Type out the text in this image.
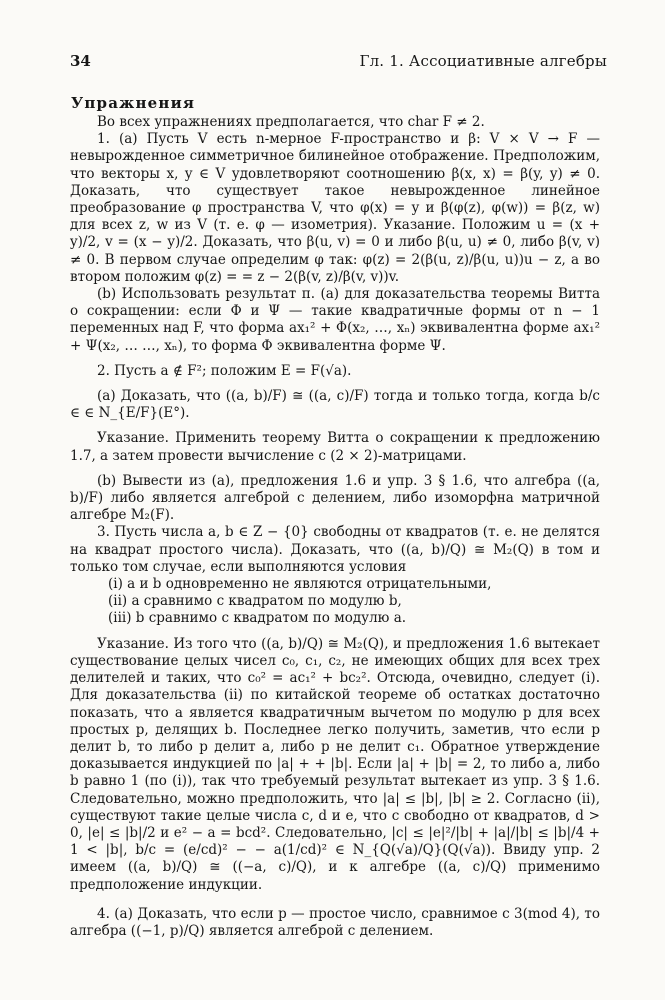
34	Гл. 1. Ассоциативные алгебры
Упражнения

Во всех упражнениях предполагается, что char F ≠ 2.

1. (a) Пусть V есть n-мерное F-пространство и β: V × V → F — невырожденное симметричное билинейное отображение. Предположим, что векторы x, y ∈ V удовлетворяют соотношению β(x, x) = β(y, y) ≠ 0. Доказать, что существует такое невырожденное линейное преобразование φ пространства V, что φ(x) = y и β(φ(z), φ(w)) = β(z, w) для всех z, w из V (т. е. φ — изометрия). Указание. Положим u = (x + y)/2, v = (x − y)/2. Доказать, что β(u, v) = 0 и либо β(u, u) ≠ 0, либо β(v, v) ≠ 0. В первом случае определим φ так: φ(z) = 2(β(u, z)/β(u, u))u − z, а во втором положим φ(z) = = z − 2(β(v, z)/β(v, v))v.

(b) Использовать результат п. (a) для доказательства теоремы Витта о сокращении: если Φ и Ψ — такие квадратичные формы от n − 1 переменных над F, что форма ax₁² + Φ(x₂, …, xₙ) эквивалентна форме ax₁² + Ψ(x₂, … …, xₙ), то форма Φ эквивалентна форме Ψ.

2. Пусть a ∉ F²; положим E = F(√a).

(a) Доказать, что ((a, b)/F) ≅ ((a, c)/F) тогда и только тогда, когда b/c ∈ ∈ N_{E/F}(E°).

Указание. Применить теорему Витта о сокращении к предложению 1.7, а затем провести вычисление с (2 × 2)-матрицами.

(b) Вывести из (a), предложения 1.6 и упр. 3 § 1.6, что алгебра ((a, b)/F) либо является алгеброй с делением, либо изоморфна матричной алгебре M₂(F).

3. Пусть числа a, b ∈ Z − {0} свободны от квадратов (т. е. не делятся на квадрат простого числа). Доказать, что ((a, b)/Q) ≅ M₂(Q) в том и только том случае, если выполняются условия

(i) a и b одновременно не являются отрицательными,
(ii) a сравнимо с квадратом по модулю b,
(iii) b сравнимо с квадратом по модулю a.

Указание. Из того что ((a, b)/Q) ≅ M₂(Q), и предложения 1.6 вытекает существование целых чисел c₀, c₁, c₂, не имеющих общих для всех трех делителей и таких, что c₀² = ac₁² + bc₂². Отсюда, очевидно, следует (i). Для доказательства (ii) по китайской теореме об остатках достаточно показать, что a является квадратичным вычетом по модулю p для всех простых p, делящих b. Последнее легко получить, заметив, что если p делит b, то либо p делит a, либо p не делит c₁. Обратное утверждение доказывается индукцией по |a| + + |b|. Если |a| + |b| = 2, то либо a, либо b равно 1 (по (i)), так что требуемый результат вытекает из упр. 3 § 1.6. Следовательно, можно предположить, что |a| ≤ |b|, |b| ≥ 2. Согласно (ii), существуют такие целые числа c, d и e, что c свободно от квадратов, d > 0, |e| ≤ |b|/2 и e² − a = bcd². Следовательно, |c| ≤ |e|²/|b| + |a|/|b| ≤ |b|/4 + 1 < |b|, b/c = (e/cd)² − − a(1/cd)² ∈ N_{Q(√a)/Q}(Q(√a)). Ввиду упр. 2 имеем ((a, b)/Q) ≅ ((−a, c)/Q), и к алгебре ((a, c)/Q) применимо предположение индукции.

4. (a) Доказать, что если p — простое число, сравнимое с 3(mod 4), то алгебра ((−1, p)/Q) является алгеброй с делением.
